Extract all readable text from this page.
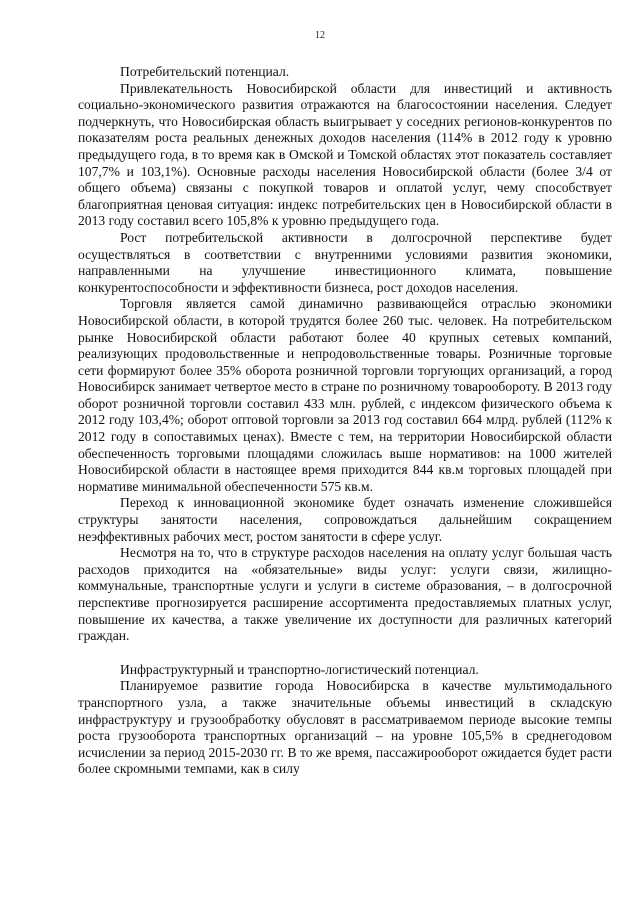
12

Потребительский потенциал.

Привлекательность Новосибирской области для инвестиций и активность социально-экономического развития отражаются на благосостоянии населения. Следует подчеркнуть, что Новосибирская область выигрывает у соседних регионов-конкурентов по показателям роста реальных денежных доходов населения (114% в 2012 году к уровню предыдущего года, в то время как в Омской и Томской областях этот показатель составляет 107,7% и 103,1%). Основные расходы населения Новосибирской области (более 3/4 от общего объема) связаны с покупкой товаров и оплатой услуг, чему способствует благоприятная ценовая ситуация: индекс потребительских цен в Новосибирской области в 2013 году составил всего 105,8% к уровню предыдущего года.

Рост потребительской активности в долгосрочной перспективе будет осуществляться в соответствии с внутренними условиями развития экономики, направленными на улучшение инвестиционного климата, повышение конкурентоспособности и эффективности бизнеса, рост доходов населения.

Торговля является самой динамично развивающейся отраслью экономики Новосибирской области, в которой трудятся более 260 тыс. человек. На потребительском рынке Новосибирской области работают более 40 крупных сетевых компаний, реализующих продовольственные и непродовольственные товары. Розничные торговые сети формируют более 35% оборота розничной торговли торгующих организаций, а город Новосибирск занимает четвертое место в стране по розничному товарообороту. В 2013 году оборот розничной торговли составил 433 млн. рублей, с индексом физического объема к 2012 году 103,4%; оборот оптовой торговли за 2013 год составил 664 млрд. рублей (112% к 2012 году в сопоставимых ценах). Вместе с тем, на территории Новосибирской области обеспеченность торговыми площадями сложилась выше нормативов: на 1000 жителей Новосибирской области в настоящее время приходится 844 кв.м торговых площадей при нормативе минимальной обеспеченности 575 кв.м.

Переход к инновационной экономике будет означать изменение сложившейся структуры занятости населения, сопровождаться дальнейшим сокращением неэффективных рабочих мест, ростом занятости в сфере услуг.

Несмотря на то, что в структуре расходов населения на оплату услуг большая часть расходов приходится на «обязательные» виды услуг: услуги связи, жилищно-коммунальные, транспортные услуги и услуги в системе образования, – в долгосрочной перспективе прогнозируется расширение ассортимента предоставляемых платных услуг, повышение их качества, а также увеличение их доступности для различных категорий граждан.

Инфраструктурный и транспортно-логистический потенциал.

Планируемое развитие города Новосибирска в качестве мультимодального транспортного узла, а также значительные объемы инвестиций в складскую инфраструктуру и грузообработку обусловят в рассматриваемом периоде высокие темпы роста грузооборота транспортных организаций – на уровне 105,5% в среднегодовом исчислении за период 2015-2030 гг. В то же время, пассажирооборот ожидается будет расти более скромными темпами, как в силу
